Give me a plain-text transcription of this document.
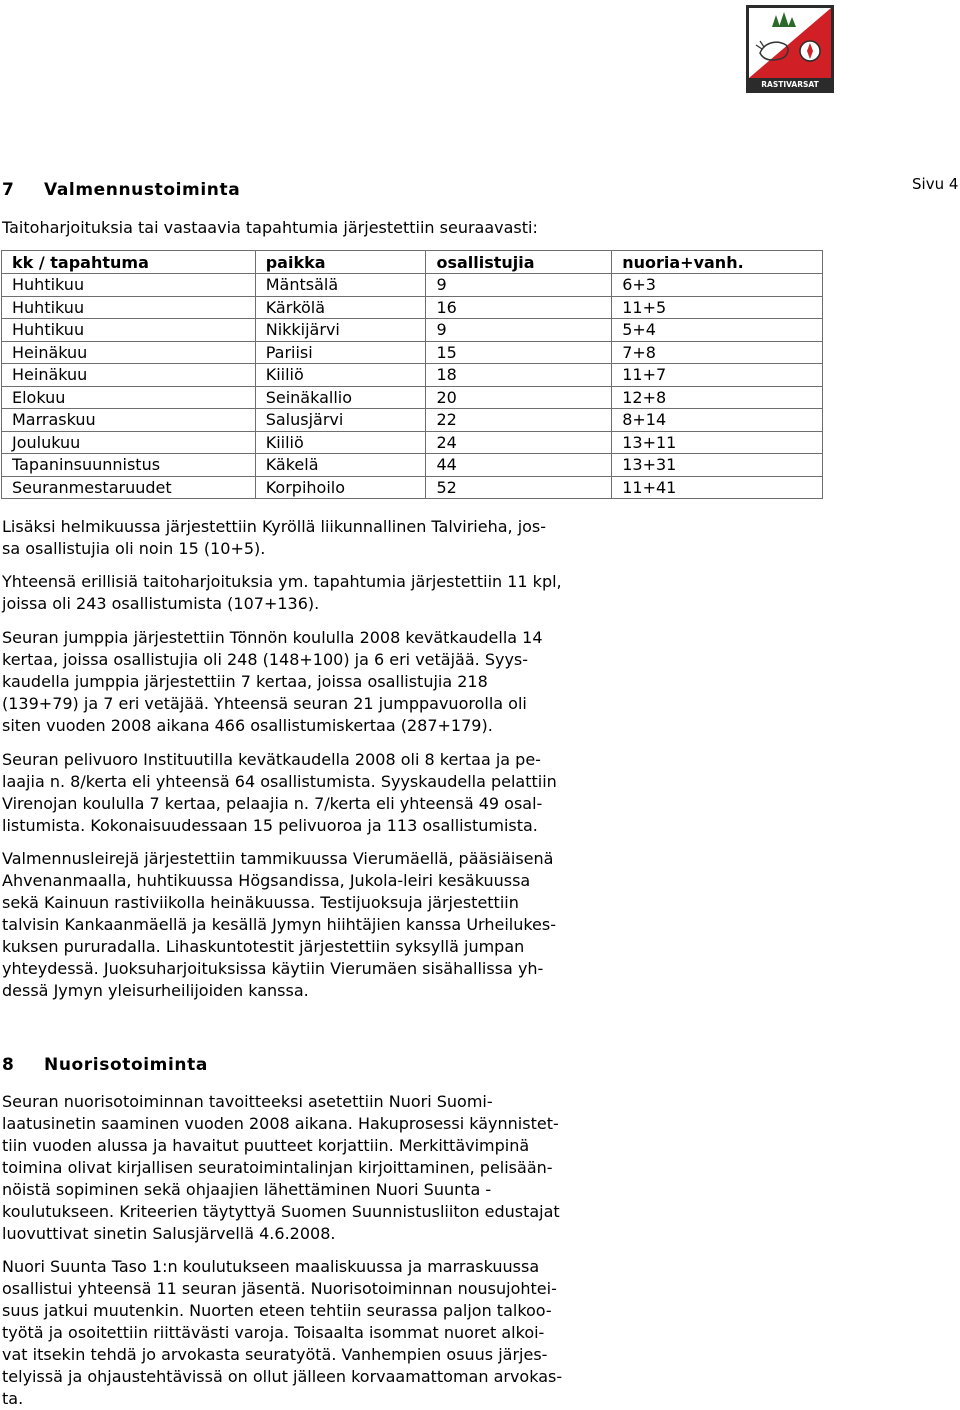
RASTIVARSAT
Sivu 4
7 Valmennustoiminta

Taitoharjoituksia tai vastaavia tapahtumia järjestettiin seuraavasti:

kk / tapahtuma	paikka	osallistujia	nuoria+vanh.
Huhtikuu	Mäntsälä	9	6+3
Huhtikuu	Kärkölä	16	11+5
Huhtikuu	Nikkijärvi	9	5+4
Heinäkuu	Pariisi	15	7+8
Heinäkuu	Kiiliö	18	11+7
Elokuu	Seinäkallio	20	12+8
Marraskuu	Salusjärvi	22	8+14
Joulukuu	Kiiliö	24	13+11
Tapaninsuunnistus	Käkelä	44	13+31
Seuranmestaruudet	Korpihoilo	52	11+41

Lisäksi helmikuussa järjestettiin Kyröllä liikunnallinen Talvirieha, jos-
sa osallistujia oli noin 15 (10+5).

Yhteensä erillisiä taitoharjoituksia ym. tapahtumia järjestettiin 11 kpl,
joissa oli 243 osallistumista (107+136).

Seuran jumppia järjestettiin Tönnön koululla 2008 kevätkaudella 14
kertaa, joissa osallistujia oli 248 (148+100) ja 6 eri vetäjää. Syys-
kaudella jumppia järjestettiin 7 kertaa, joissa osallistujia 218
(139+79) ja 7 eri vetäjää. Yhteensä seuran 21 jumppavuorolla oli
siten vuoden 2008 aikana 466 osallistumiskertaa (287+179).

Seuran pelivuoro Instituutilla kevätkaudella 2008 oli 8 kertaa ja pe-
laajia n. 8/kerta eli yhteensä 64 osallistumista. Syyskaudella pelattiin
Virenojan koululla 7 kertaa, pelaajia n. 7/kerta eli yhteensä 49 osal-
listumista. Kokonaisuudessaan 15 pelivuoroa ja 113 osallistumista.

Valmennusleirejä järjestettiin tammikuussa Vierumäellä, pääsiäisenä
Ahvenanmaalla, huhtikuussa Högsandissa, Jukola-leiri kesäkuussa
sekä Kainuun rastiviikolla heinäkuussa. Testijuoksuja järjestettiin
talvisin Kankaanmäellä ja kesällä Jymyn hiihtäjien kanssa Urheilukes-
kuksen pururadalla. Lihaskuntotestit järjestettiin syksyllä jumpan
yhteydessä. Juoksuharjoituksissa käytiin Vierumäen sisähallissa yh-
dessä Jymyn yleisurheilijoiden kanssa.

8 Nuorisotoiminta

Seuran nuorisotoiminnan tavoitteeksi asetettiin Nuori Suomi-
laatusinetin saaminen vuoden 2008 aikana. Hakuprosessi käynnistet-
tiin vuoden alussa ja havaitut puutteet korjattiin. Merkittävimpinä
toimina olivat kirjallisen seuratoimintalinjan kirjoittaminen, pelisään-
nöistä sopiminen sekä ohjaajien lähettäminen Nuori Suunta -
koulutukseen. Kriteerien täytyttyä Suomen Suunnistusliiton edustajat
luovuttivat sinetin Salusjärvellä 4.6.2008.

Nuori Suunta Taso 1:n koulutukseen maaliskuussa ja marraskuussa
osallistui yhteensä 11 seuran jäsentä. Nuorisotoiminnan nousujohtei-
suus jatkui muutenkin. Nuorten eteen tehtiin seurassa paljon talkoo-
työtä ja osoitettiin riittävästi varoja. Toisaalta isommat nuoret alkoi-
vat itsekin tehdä jo arvokasta seuratyötä. Vanhempien osuus järjes-
telyissä ja ohjaustehtävissä on ollut jälleen korvaamattoman arvokas-
ta.
